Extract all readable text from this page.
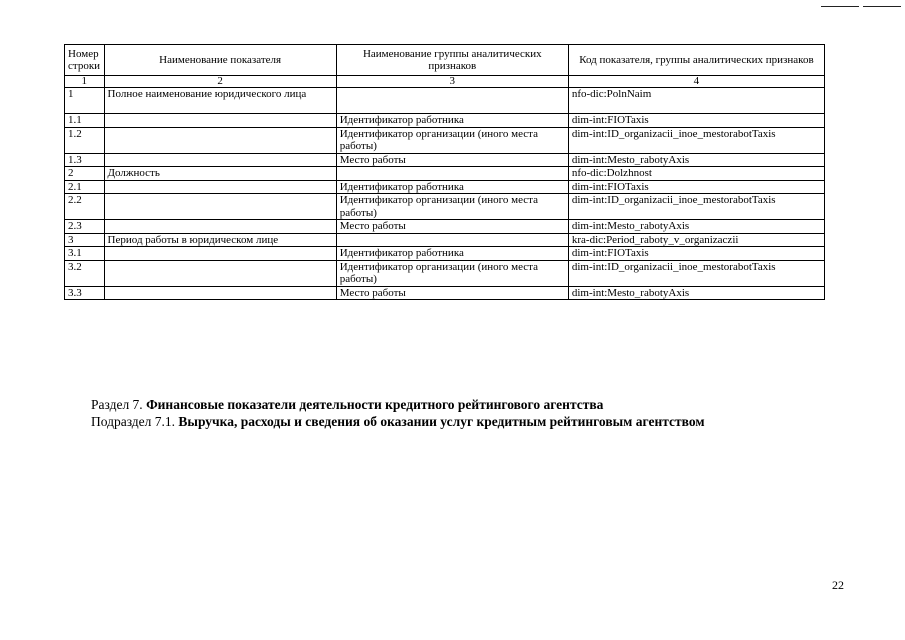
Номер строки	Наименование показателя	Наименование группы аналитических признаков	Код показателя, группы аналитических признаков
1	2	3	4
1	Полное наименование юридического лица		nfo-dic:PolnNaim
1.1		Идентификатор работника	dim-int:FIOTaxis
1.2		Идентификатор организации (иного места работы)	dim-int:ID_organizacii_inoe_mestorabotTaxis
1.3		Место работы	dim-int:Mesto_rabotyAxis
2	Должность		nfo-dic:Dolzhnost
2.1		Идентификатор работника	dim-int:FIOTaxis
2.2		Идентификатор организации (иного места работы)	dim-int:ID_organizacii_inoe_mestorabotTaxis
2.3		Место работы	dim-int:Mesto_rabotyAxis
3	Период работы в юридическом лице		kra-dic:Period_raboty_v_organizaczii
3.1		Идентификатор работника	dim-int:FIOTaxis
3.2		Идентификатор организации (иного места работы)	dim-int:ID_organizacii_inoe_mestorabotTaxis
3.3		Место работы	dim-int:Mesto_rabotyAxis
Раздел 7. Финансовые показатели деятельности кредитного рейтингового агентства
Подраздел 7.1. Выручка, расходы и сведения об оказании услуг кредитным рейтинговым агентством
22
